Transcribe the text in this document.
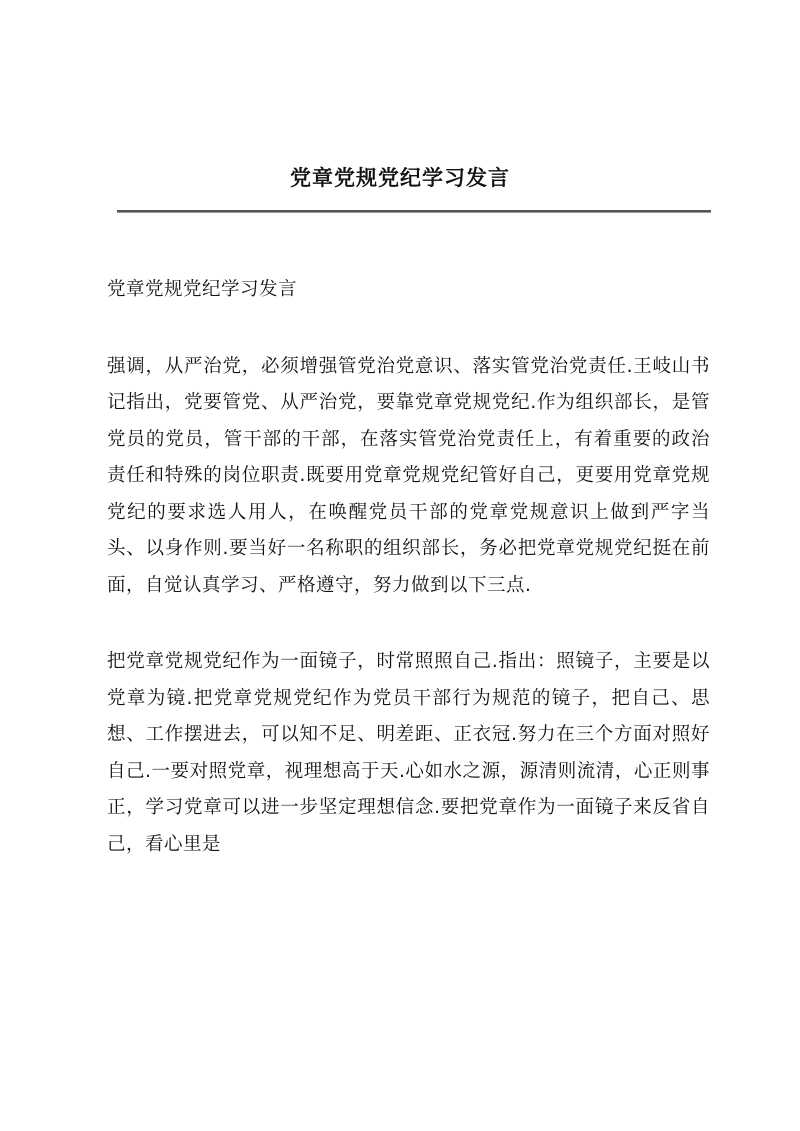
党章党规党纪学习发言
党章党规党纪学习发言
强调，从严治党，必须增强管党治党意识、落实管党治党责任.王岐山书记指出，党要管党、从严治党，要靠党章党规党纪.作为组织部长，是管党员的党员，管干部的干部，在落实管党治党责任上，有着重要的政治责任和特殊的岗位职责.既要用党章党规党纪管好自己，更要用党章党规党纪的要求选人用人，在唤醒党员干部的党章党规意识上做到严字当头、以身作则.要当好一名称职的组织部长，务必把党章党规党纪挺在前面，自觉认真学习、严格遵守，努力做到以下三点.
把党章党规党纪作为一面镜子，时常照照自己.指出：照镜子，主要是以党章为镜.把党章党规党纪作为党员干部行为规范的镜子，把自己、思想、工作摆进去，可以知不足、明差距、正衣冠.努力在三个方面对照好自己.一要对照党章，视理想高于天.心如水之源，源清则流清，心正则事正，学习党章可以进一步坚定理想信念.要把党章作为一面镜子来反省自己，看心里是
